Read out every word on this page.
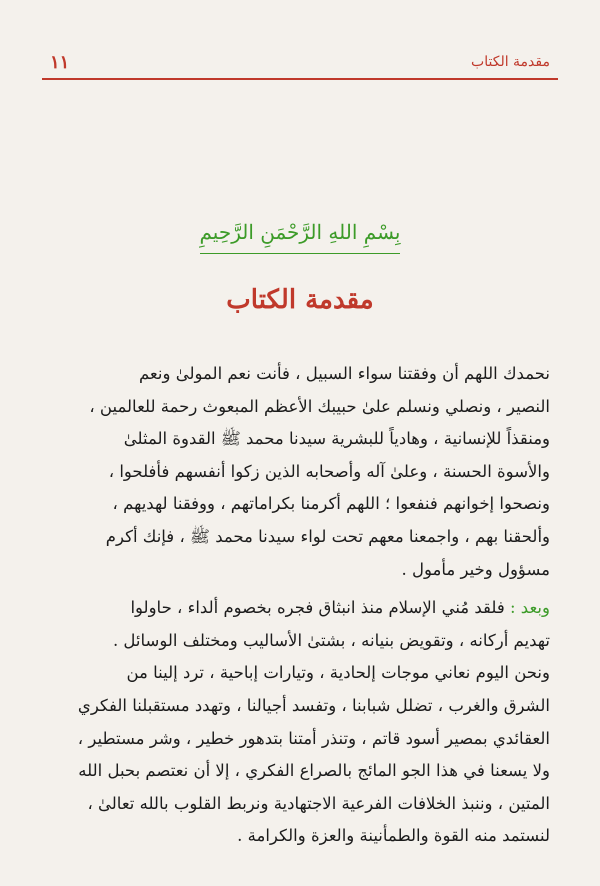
١١	مقدمة الكتاب
بِسْمِ اللهِ الرَّحْمَنِ الرَّحِيمِ
مقدمة الكتاب
نحمدك اللهم أن وفقتنا سواء السبيل ، فأنت نعم المولىٰ ونعم
النصير ، ونصلي ونسلم علىٰ حبيبك الأعظم المبعوث رحمة للعالمين ،
ومنقذاً للإنسانية ، وهادياً للبشرية سيدنا محمد ﷺ القدوة المثلىٰ
والأسوة الحسنة ، وعلىٰ آله وأصحابه الذين زكوا أنفسهم فأفلحوا ،
ونصحوا إخوانهم فنفعوا ؛ اللهم أكرمنا بكراماتهم ، ووفقنا لهديهم ،
وألحقنا بهم ، واجمعنا معهم تحت لواء سيدنا محمد ﷺ ، فإنك أكرم
مسؤول وخير مأمول .
وبعد : فلقد مُني الإسلام منذ انبثاق فجره بخصوم ألداء ، حاولوا
تهديم أركانه ، وتقويض بنيانه ، بشتىٰ الأساليب ومختلف الوسائل .
ونحن اليوم نعاني موجات إلحادية ، وتيارات إباحية ، ترد إلينا من
الشرق والغرب ، تضلل شبابنا ، وتفسد أجيالنا ، وتهدد مستقبلنا الفكري
العقائدي بمصير أسود قاتم ، وتنذر أمتنا بتدهور خطير ، وشر مستطير ،
ولا يسعنا في هذا الجو المائج بالصراع الفكري ، إلا أن نعتصم بحبل الله
المتين ، وننبذ الخلافات الفرعية الاجتهادية ونربط القلوب بالله تعالىٰ ،
لنستمد منه القوة والطمأنينة والعزة والكرامة .
